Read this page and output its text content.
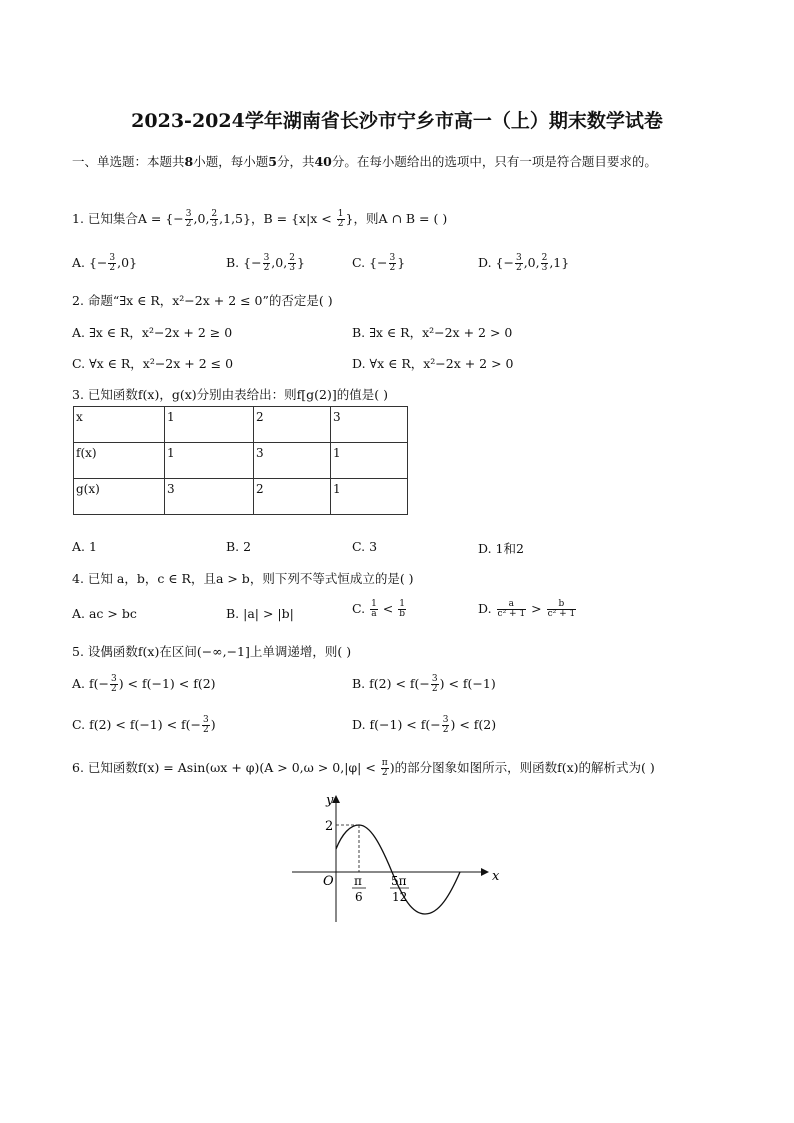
2023-2024学年湖南省长沙市宁乡市高一（上）期末数学试卷
一、单选题：本题共8小题，每小题5分，共40分。在每小题给出的选项中，只有一项是符合题目要求的。
1. 已知集合A = {− $\frac{3}{2} ,0$, $\frac{2}{3} ,1,5$}，$B = \{x|x < \frac{1}{2}$ }，则A ∩ B = ( )
A. {− $\frac{3}{2} ,0$}	B. {− $\frac{3}{2} ,0$, $\frac{2}{3}$ }	C. {− $\frac{3}{2}$ }	D. {− $\frac{3}{2} ,0$, $\frac{2}{3} ,1$}
2. 命题“∃x ∈ R，x²−2x + 2 ≤ 0”的否定是( )
A. ∃x ∈ R，x²−2x + 2 ≥ 0	B. ∃x ∈ R，x²−2x + 2 > 0
C. ∀x ∈ R，x²−2x + 2 ≤ 0	D. ∀x ∈ R，x²−2x + 2 > 0
3. 已知函数f(x)，g(x)分别由表给出：则f[g(2)]的值是( )
x	1	2	3
f(x)	1	3	1
g(x)	3	2	1
A. 1	B. 2	C. 3	D. 1和2
4. 已知 a，b，c ∈ R，且a > b，则下列不等式恒成立的是( )
A. ac > bc	B. |a| > |b|	C. $\frac{1}{a} < \frac{1}{b}$	D. $\frac{a}{\text{c² + 1}} > \frac{b}{\text{c² + 1}}$
5. 设偶函数f(x)在区间(−∞,−1]上单调递增，则( )
A. $f(- \frac{3}{2}$ ) < f(−1) < f(2)	B. $f(2) < f(- \frac{3}{2}$ ) < f(−1)
C. $f(2) < f(-1) < f(- \frac{3}{2}$ )	D. $f(-1) < f(- \frac{3}{2}$ ) < f(2)
6. 已知函数$f(x) = Asin(\omega x + \varphi)(A > 0,\omega > 0,|\varphi| < \frac{\pi}{2}$ )的部分图象如图所示，则函数f(x)的解析式为( )
y
x
O
2
π
6
5π
12
